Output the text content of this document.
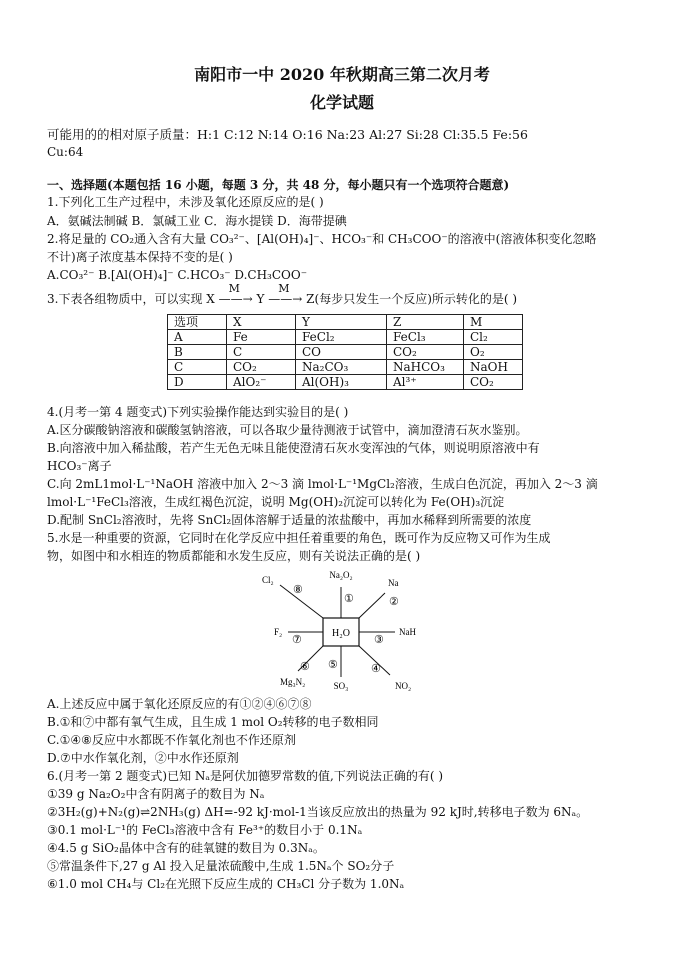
南阳市一中 2020 年秋期高三第二次月考
化学试题
可能用的的相对原子质量：H:1 C:12 N:14 O:16 Na:23 Al:27 Si:28 Cl:35.5 Fe:56
Cu:64
一、选择题(本题包括 16 小题，每题 3 分，共 48 分，每小题只有一个选项符合题意)
1.下列化工生产过程中，未涉及氧化还原反应的是( )
A．氨碱法制碱 B．氯碱工业 C．海水提镁 D．海带提碘
2.将足量的 CO₂通入含有大量 CO₃²⁻、[Al(OH)₄]⁻、HCO₃⁻和 CH₃COO⁻的溶液中(溶液体积变化忽略
不计)离子浓度基本保持不变的是( )
A.CO₃²⁻ B.[Al(OH)₄]⁻ C.HCO₃⁻ D.CH₃COO⁻
3.下表各组物质中，可以实现 X
M
——→ Y
M
——→ Z(每步只发生一个反应)所示转化的是( )
选项	X	Y	Z	M
A	Fe	FeCl₂	FeCl₃	Cl₂
B	C	CO	CO₂	O₂
C	CO₂	Na₂CO₃	NaHCO₃	NaOH
D	AlO₂⁻	Al(OH)₃	Al³⁺	CO₂
4.(月考一第 4 题变式)下列实验操作能达到实验目的是( )
A.区分碳酸钠溶液和碳酸氢钠溶液，可以各取少量待测液于试管中，滴加澄清石灰水鉴别。
B.向溶液中加入稀盐酸，若产生无色无味且能使澄清石灰水变浑浊的气体，则说明原溶液中有
HCO₃⁻离子
C.向 2mL1mol·L⁻¹NaOH 溶液中加入 2～3 滴 lmol·L⁻¹MgCl₂溶液，生成白色沉淀，再加入 2～3 滴
lmol·L⁻¹FeCl₃溶液，生成红褐色沉淀，说明 Mg(OH)₂沉淀可以转化为 Fe(OH)₃沉淀
D.配制 SnCl₂溶液时，先将 SnCl₂固体溶解于适量的浓盐酸中，再加水稀释到所需要的浓度
5.水是一种重要的资源，它同时在化学反应中担任着重要的角色，既可作为反应物又可作为生成
物，如图中和水相连的物质都能和水发生反应，则有关说法正确的是( )
H₂O
Na₂O₂
Na
NaH
NO₂
SO₃
Mg₃N₂
F₂
Cl₂
①	②
③
④
⑤
⑥
⑦
⑧
A.上述反应中属于氧化还原反应的有①②④⑥⑦⑧
B.①和⑦中都有氧气生成，且生成 1 mol O₂转移的电子数相同
C.①④⑧反应中水都既不作氧化剂也不作还原剂
D.⑦中水作氧化剂，②中水作还原剂
6.(月考一第 2 题变式)已知 Nₐ是阿伏加德罗常数的值,下列说法正确的有( )
①39 g Na₂O₂中含有阴离子的数目为 Nₐ
②3H₂(g)+N₂(g)⇌2NH₃(g) ΔH=-92 kJ·mol-1当该反应放出的热量为 92 kJ时,转移电子数为 6Nₐ。
③0.1 mol·L⁻¹的 FeCl₃溶液中含有 Fe³⁺的数目小于 0.1Nₐ
④4.5 g SiO₂晶体中含有的硅氧键的数目为 0.3Nₐ。
⑤常温条件下,27 g Al 投入足量浓硫酸中,生成 1.5Nₐ个 SO₂分子
⑥1.0 mol CH₄与 Cl₂在光照下反应生成的 CH₃Cl 分子数为 1.0Nₐ
